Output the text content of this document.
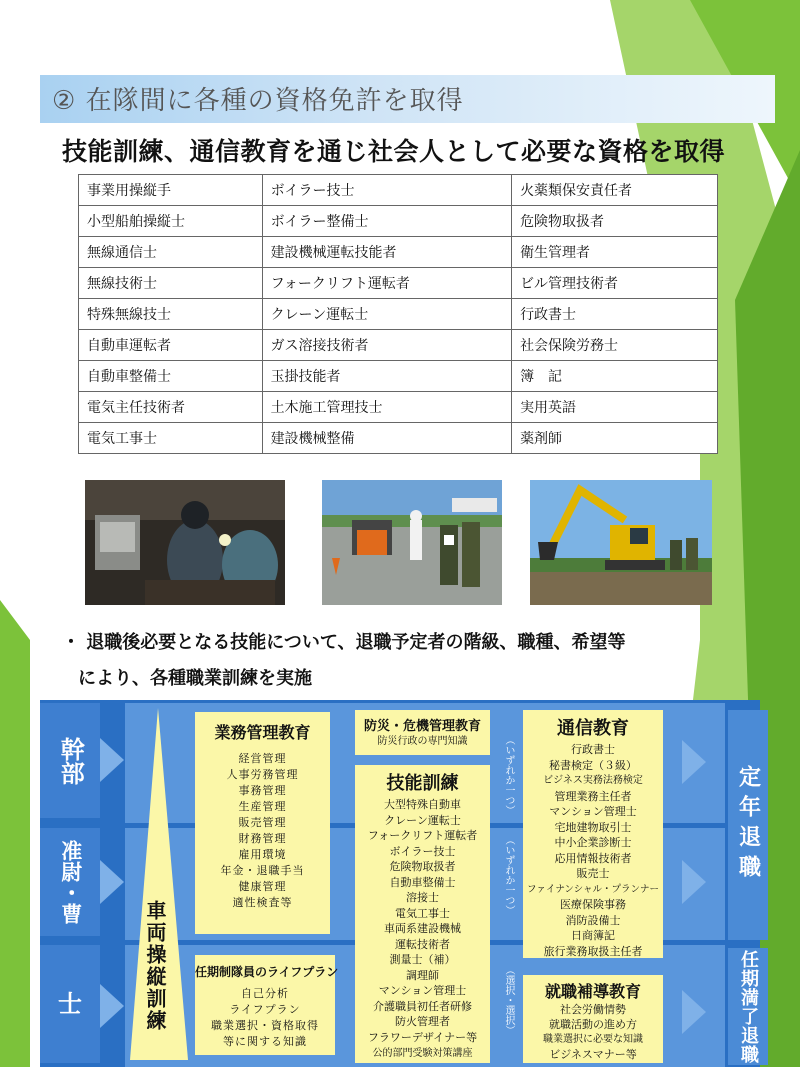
② 在隊間に各種の資格免許を取得
技能訓練、通信教育を通じ社会人として必要な資格を取得
事業用操縦手	ボイラー技士	火薬類保安責任者
小型船舶操縦士	ボイラー整備士	危険物取扱者
無線通信士	建設機械運転技能者	衛生管理者
無線技術士	フォークリフト運転者	ビル管理技術者
特殊無線技士	クレーン運転士	行政書士
自動車運転者	ガス溶接技術者	社会保険労務士
自動車整備士	玉掛技能者	簿　記
電気主任技術者	土木施工管理技士	実用英語
電気工事士	建設機械整備	薬剤師
・ 退職後必要となる技能について、退職予定者の階級、職種、希望等
により、各種職業訓練を実施
幹部
准尉・曹
士	車両操縦訓練
業務管理教育
経営管理
人事労務管理
事務管理
生産管理
販売管理
財務管理
雇用環境
年金・退職手当
健康管理
適性検査等
任期制隊員のライフプラン
自己分析
ライフプラン
職業選択・資格取得
等に関する知識
防災・危機管理教育
防災行政の専門知識
技能訓練
大型特殊自動車
クレーン運転士
フォークリフト運転者
ボイラー技士
危険物取扱者
自動車整備士
溶接士
電気工事士
車両系建設機械
運転技術者
測量士（補）
調理師
マンション管理士
介護職員初任者研修
防火管理者
フラワーデザイナー等
公的部門受験対策講座
（いずれか一つ）
（いずれか一つ）
（選択・選択）
通信教育
行政書士
秘書検定（３級）
ビジネス実務法務検定
管理業務主任者
マンション管理士
宅地建物取引士
中小企業診断士
応用情報技術者
販売士
ファイナンシャル・プランナー
医療保険事務
消防設備士
日商簿記
旅行業務取扱主任者
就職補導教育
社会労働情勢
就職活動の進め方
職業選択に必要な知識
ビジネスマナー等
定年退職
任期満了退職
